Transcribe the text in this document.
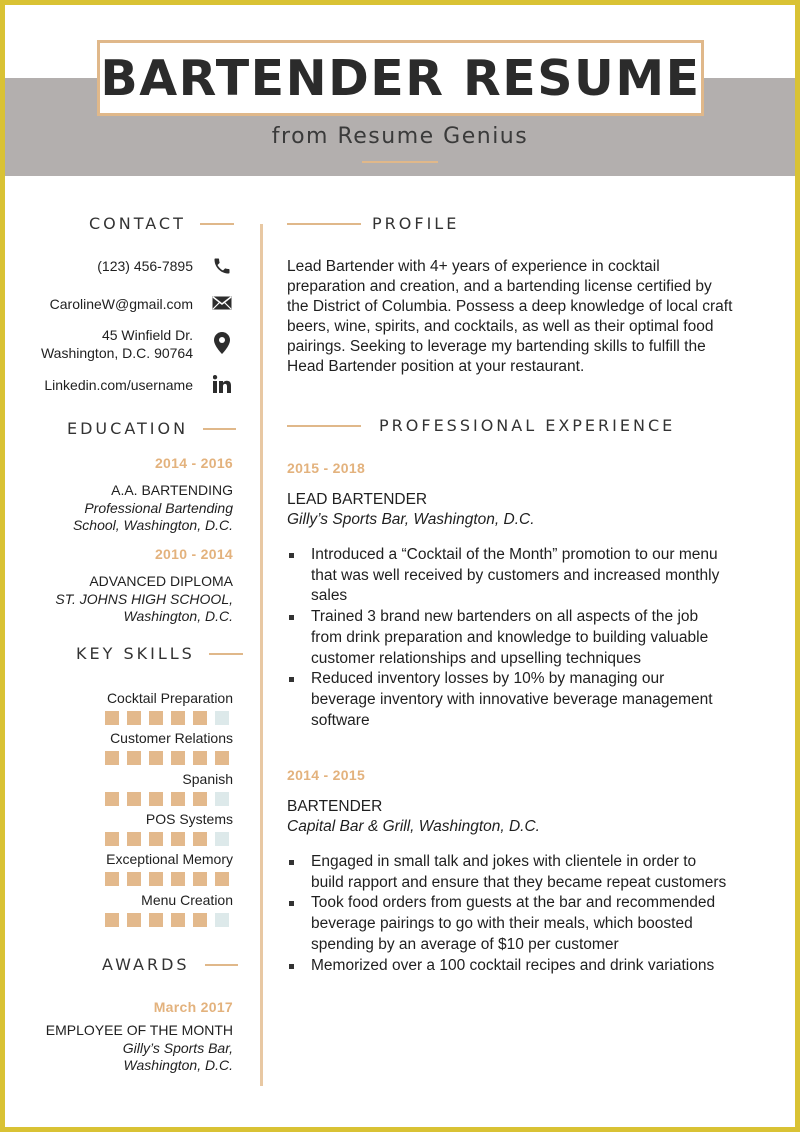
BARTENDER RESUME
from Resume Genius
CONTACT
(123) 456-7895
CarolineW@gmail.com
45 Winfield Dr.
Washington, D.C. 90764
Linkedin.com/username
EDUCATION
2014 - 2016
A.A. BARTENDING
Professional Bartending
School, Washington, D.C.
2010 - 2014
ADVANCED DIPLOMA
ST. JOHNS HIGH SCHOOL,
Washington, D.C.
KEY SKILLS
Cocktail Preparation
Customer Relations
Spanish
POS Systems
Exceptional Memory
Menu Creation
AWARDS
March 2017
EMPLOYEE OF THE MONTH
Gilly’s Sports Bar,
Washington, D.C.
PROFILE
Lead Bartender with 4+ years of experience in cocktail
preparation and creation, and a bartending license certified by
the District of Columbia. Possess a deep knowledge of local craft
beers, wine, spirits, and cocktails, as well as their optimal food
pairings. Seeking to leverage my bartending skills to fulfill the
Head Bartender position at your restaurant.
PROFESSIONAL EXPERIENCE
2015 - 2018
LEAD BARTENDER
Gilly’s Sports Bar, Washington, D.C.
Introduced a “Cocktail of the Month” promotion to our menu that was well received by customers and increased monthly sales
Trained 3 brand new bartenders on all aspects of the job from drink preparation and knowledge to building valuable customer relationships and upselling techniques
Reduced inventory losses by 10% by managing our beverage inventory with innovative beverage management software
2014 - 2015
BARTENDER
Capital Bar & Grill, Washington, D.C.
Engaged in small talk and jokes with clientele in order to build rapport and ensure that they became repeat customers
Took food orders from guests at the bar and recommended beverage pairings to go with their meals, which boosted spending by an average of $10 per customer
Memorized over a 100 cocktail recipes and drink variations
